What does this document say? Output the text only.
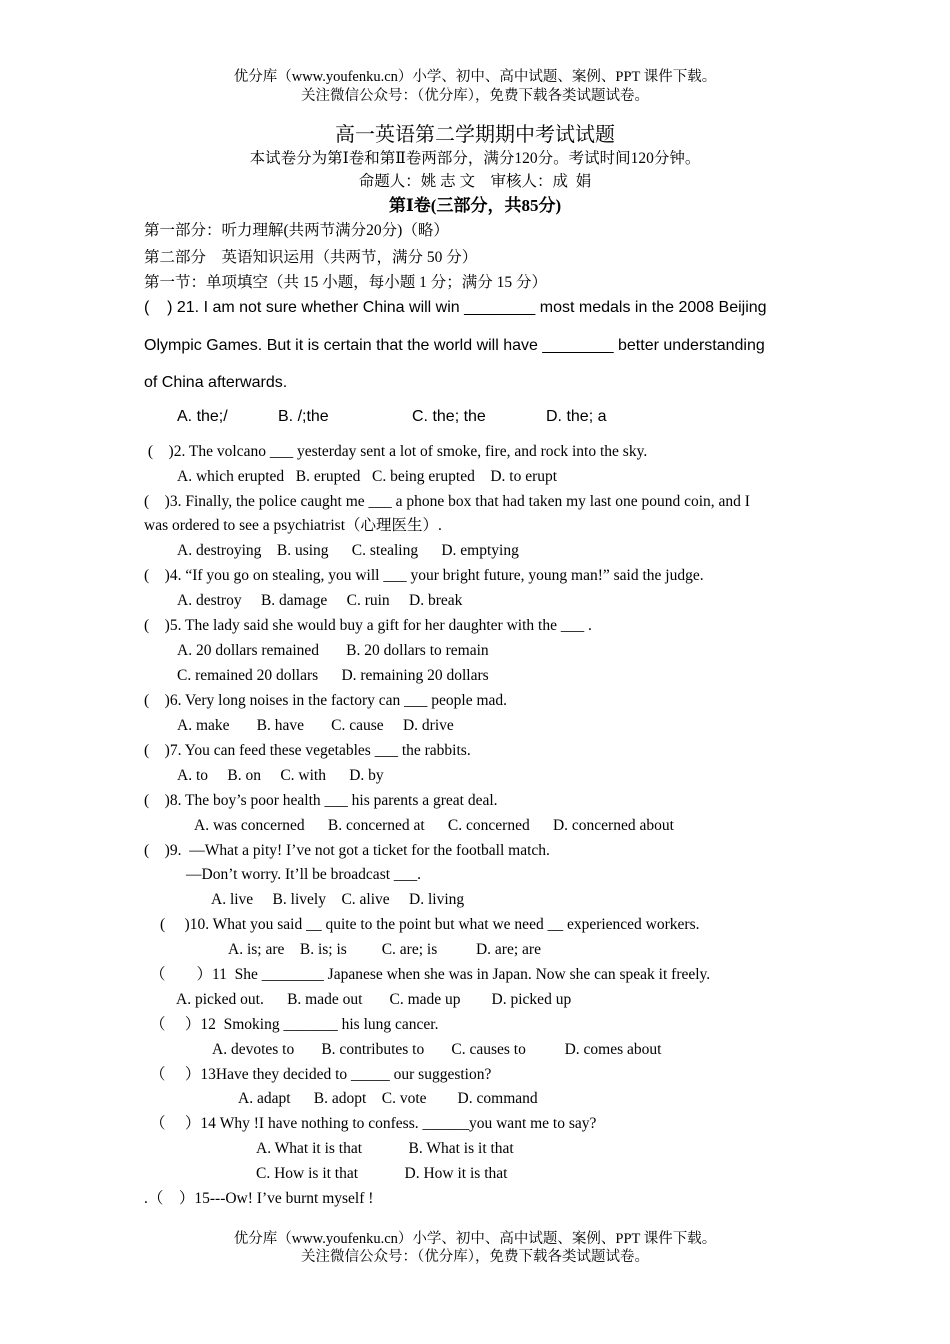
优分库（www.youfenku.cn）小学、初中、高中试题、案例、PPT 课件下载。
关注微信公众号：（优分库），免费下载各类试题试卷。
高一英语第二学期期中考试试题
本试卷分为第Ⅰ卷和第Ⅱ卷两部分，满分120分。考试时间120分钟。
命题人：姚 志 文    审核人：成  娟
第Ⅰ卷(三部分，共85分)
第一部分：听力理解(共两节满分20分)（略）
第二部分    英语知识运用（共两节，满分 50 分）
第一节：单项填空（共 15 小题，每小题 1 分；满分 15 分）
(    ) 21. I am not sure whether China will win ________ most medals in the 2008 Beijing
Olympic Games. But it is certain that the world will have ________ better understanding
of China afterwards.
A. the;/	B. /;the	C. the; the	D. the; a
(    )2. The volcano ___ yesterday sent a lot of smoke, fire, and rock into the sky.
A. which erupted   B. erupted   C. being erupted    D. to erupt
(    )3. Finally, the police caught me ___ a phone box that had taken my last one pound coin, and I
was ordered to see a psychiatrist（心理医生）.
A. destroying    B. using      C. stealing      D. emptying
(    )4. “If you go on stealing, you will ___ your bright future, young man!” said the judge.
A. destroy     B. damage     C. ruin     D. break
(    )5. The lady said she would buy a gift for her daughter with the ___ .
A. 20 dollars remained       B. 20 dollars to remain
C. remained 20 dollars      D. remaining 20 dollars
(    )6. Very long noises in the factory can ___ people mad.
A. make       B. have       C. cause     D. drive
(    )7. You can feed these vegetables ___ the rabbits.
A. to     B. on     C. with      D. by
(    )8. The boy’s poor health ___ his parents a great deal.
A. was concerned      B. concerned at      C. concerned      D. concerned about
(    )9.  —What a pity! I’ve not got a ticket for the football match.
—Don’t worry. It’ll be broadcast ___.
A. live     B. lively    C. alive     D. living
(     )10. What you said __ quite to the point but what we need __ experienced workers.
A. is; are    B. is; is         C. are; is          D. are; are
（        ）11  She ________ Japanese when she was in Japan. Now she can speak it freely.
A. picked out.      B. made out       C. made up        D. picked up
（     ）12  Smoking _______ his lung cancer.
A. devotes to       B. contributes to       C. causes to          D. comes about
（     ）13Have they decided to _____ our suggestion?
A. adapt      B. adopt    C. vote        D. command
（     ）14 Why !I have nothing to confess. ______you want me to say?
A. What it is that            B. What is it that
C. How is it that            D. How it is that
.（    ）15---Ow! I’ve burnt myself !
优分库（www.youfenku.cn）小学、初中、高中试题、案例、PPT 课件下载。
关注微信公众号：（优分库），免费下载各类试题试卷。
